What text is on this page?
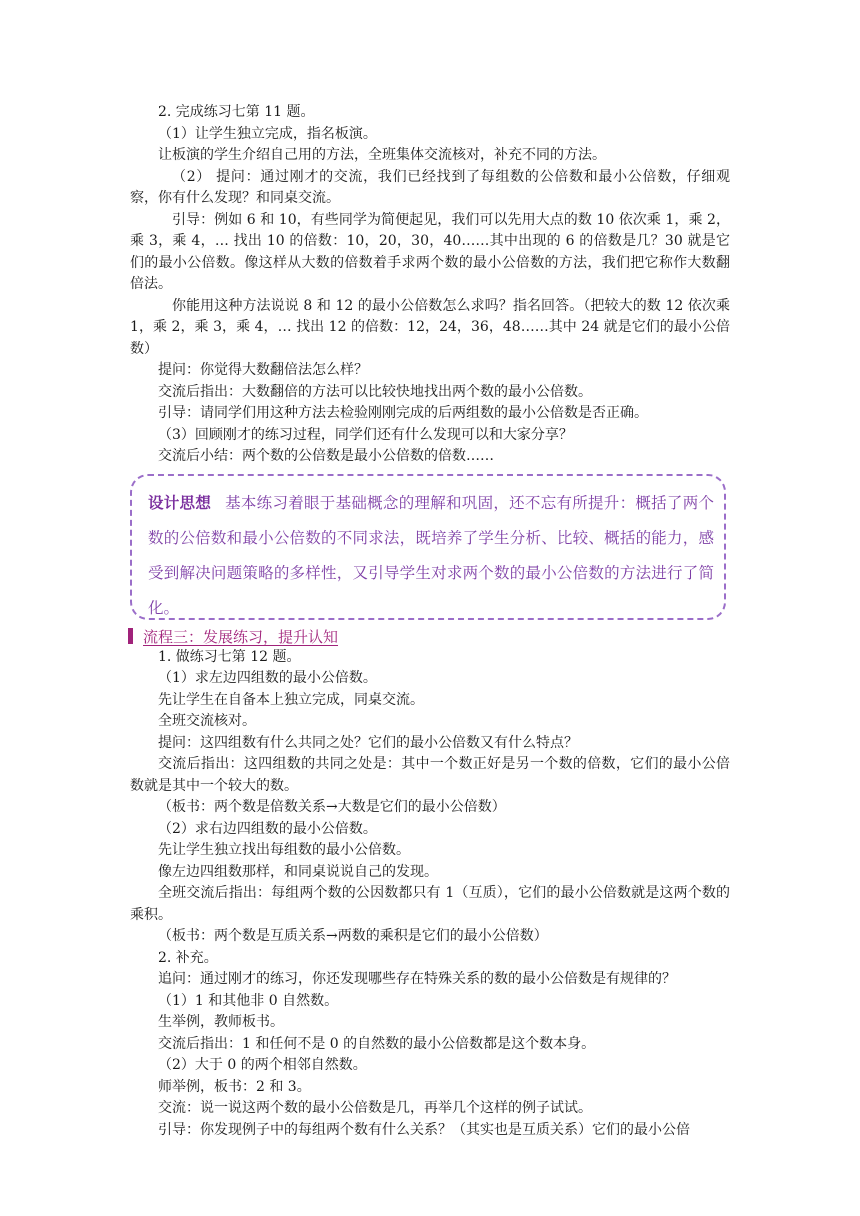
2. 完成练习七第 11 题。

（1）让学生独立完成，指名板演。

让板演的学生介绍自己用的方法，全班集体交流核对，补充不同的方法。

（2） 提问：通过刚才的交流，我们已经找到了每组数的公倍数和最小公倍数，仔细观察，你有什么发现？和同桌交流。

引导：例如 6 和 10，有些同学为简便起见，我们可以先用大点的数 10 依次乘 1，乘 2，乘 3，乘 4，… 找出 10 的倍数：10，20，30，40……其中出现的 6 的倍数是几？30 就是它们的最小公倍数。像这样从大数的倍数着手求两个数的最小公倍数的方法，我们把它称作大数翻倍法。

你能用这种方法说说 8 和 12 的最小公倍数怎么求吗？指名回答。（把较大的数 12 依次乘 1，乘 2，乘 3，乘 4，… 找出 12 的倍数：12，24，36，48……其中 24 就是它们的最小公倍数）

提问：你觉得大数翻倍法怎么样？

交流后指出：大数翻倍的方法可以比较快地找出两个数的最小公倍数。

引导：请同学们用这种方法去检验刚刚完成的后两组数的最小公倍数是否正确。

（3）回顾刚才的练习过程，同学们还有什么发现可以和大家分享？

交流后小结：两个数的公倍数是最小公倍数的倍数……

设计思想 基本练习着眼于基础概念的理解和巩固，还不忘有所提升：概括了两个数的公倍数和最小公倍数的不同求法，既培养了学生分析、比较、概括的能力，感受到解决问题策略的多样性，又引导学生对求两个数的最小公倍数的方法进行了简化。
流程三：发展练习，提升认知

1. 做练习七第 12 题。

（1）求左边四组数的最小公倍数。

先让学生在自备本上独立完成，同桌交流。

全班交流核对。

提问：这四组数有什么共同之处？它们的最小公倍数又有什么特点？

交流后指出：这四组数的共同之处是：其中一个数正好是另一个数的倍数，它们的最小公倍数就是其中一个较大的数。

（板书：两个数是倍数关系→大数是它们的最小公倍数）

（2）求右边四组数的最小公倍数。

先让学生独立找出每组数的最小公倍数。

像左边四组数那样，和同桌说说自己的发现。

全班交流后指出：每组两个数的公因数都只有 1（互质），它们的最小公倍数就是这两个数的乘积。

（板书：两个数是互质关系→两数的乘积是它们的最小公倍数）

2. 补充。

追问：通过刚才的练习，你还发现哪些存在特殊关系的数的最小公倍数是有规律的？

（1）1 和其他非 0 自然数。

生举例，教师板书。

交流后指出：1 和任何不是 0 的自然数的最小公倍数都是这个数本身。

（2）大于 0 的两个相邻自然数。

师举例，板书：2 和 3。

交流：说一说这两个数的最小公倍数是几，再举几个这样的例子试试。

引导：你发现例子中的每组两个数有什么关系？（其实也是互质关系）它们的最小公倍
